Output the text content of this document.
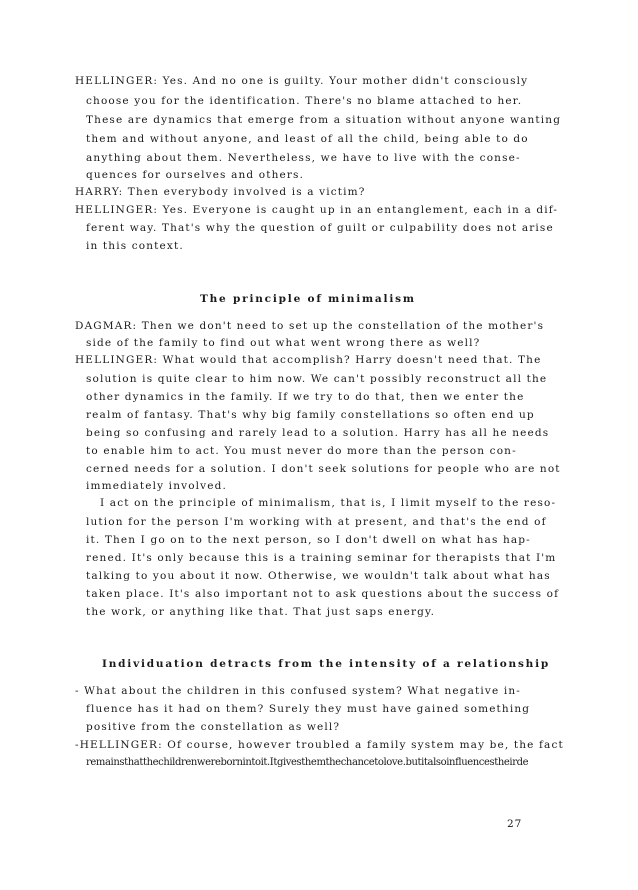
HELLINGER: Yes. And no one is guilty. Your mother didn't consciously
choose you for the identification. There's no blame attached to her.
These are dynamics that emerge from a situation without anyone wanting
them and without anyone, and least of all the child, being able to do
anything about them. Nevertheless, we have to live with the conse-
quences for ourselves and others.
HARRY: Then everybody involved is a victim?
HELLINGER: Yes. Everyone is caught up in an entanglement, each in a dif-
ferent way. That's why the question of guilt or culpability does not arise
in this context.
The principle of minimalism
DAGMAR: Then we don't need to set up the constellation of the mother's
side of the family to find out what went wrong there as well?
HELLINGER: What would that accomplish? Harry doesn't need that. The
solution is quite clear to him now. We can't possibly reconstruct all the
other dynamics in the family. If we try to do that, then we enter the
realm of fantasy. That's why big family constellations so often end up
being so confusing and rarely lead to a solution. Harry has all he needs
to enable him to act. You must never do more than the person con-
cerned needs for a solution. I don't seek solutions for people who are not
immediately involved.
I act on the principle of minimalism, that is, I limit myself to the reso-
lution for the person I'm working with at present, and that's the end of
it. Then I go on to the next person, so I don't dwell on what has hap-
rened. It's only because this is a training seminar for therapists that I'm
talking to you about it now. Otherwise, we wouldn't talk about what has
taken place. It's also important not to ask questions about the success of
the work, or anything like that. That just saps energy.
Individuation detracts from the intensity of a relationship
- What about the children in this confused system? What negative in-
fluence has it had on them? Surely they must have gained something
positive from the constellation as well?
-HELLINGER: Of course, however troubled a family system may be, the fact
remainsthatthechildrenwerebornintoit.Itgivesthemthechancetolove.butitalsoinfluencestheirde
27
